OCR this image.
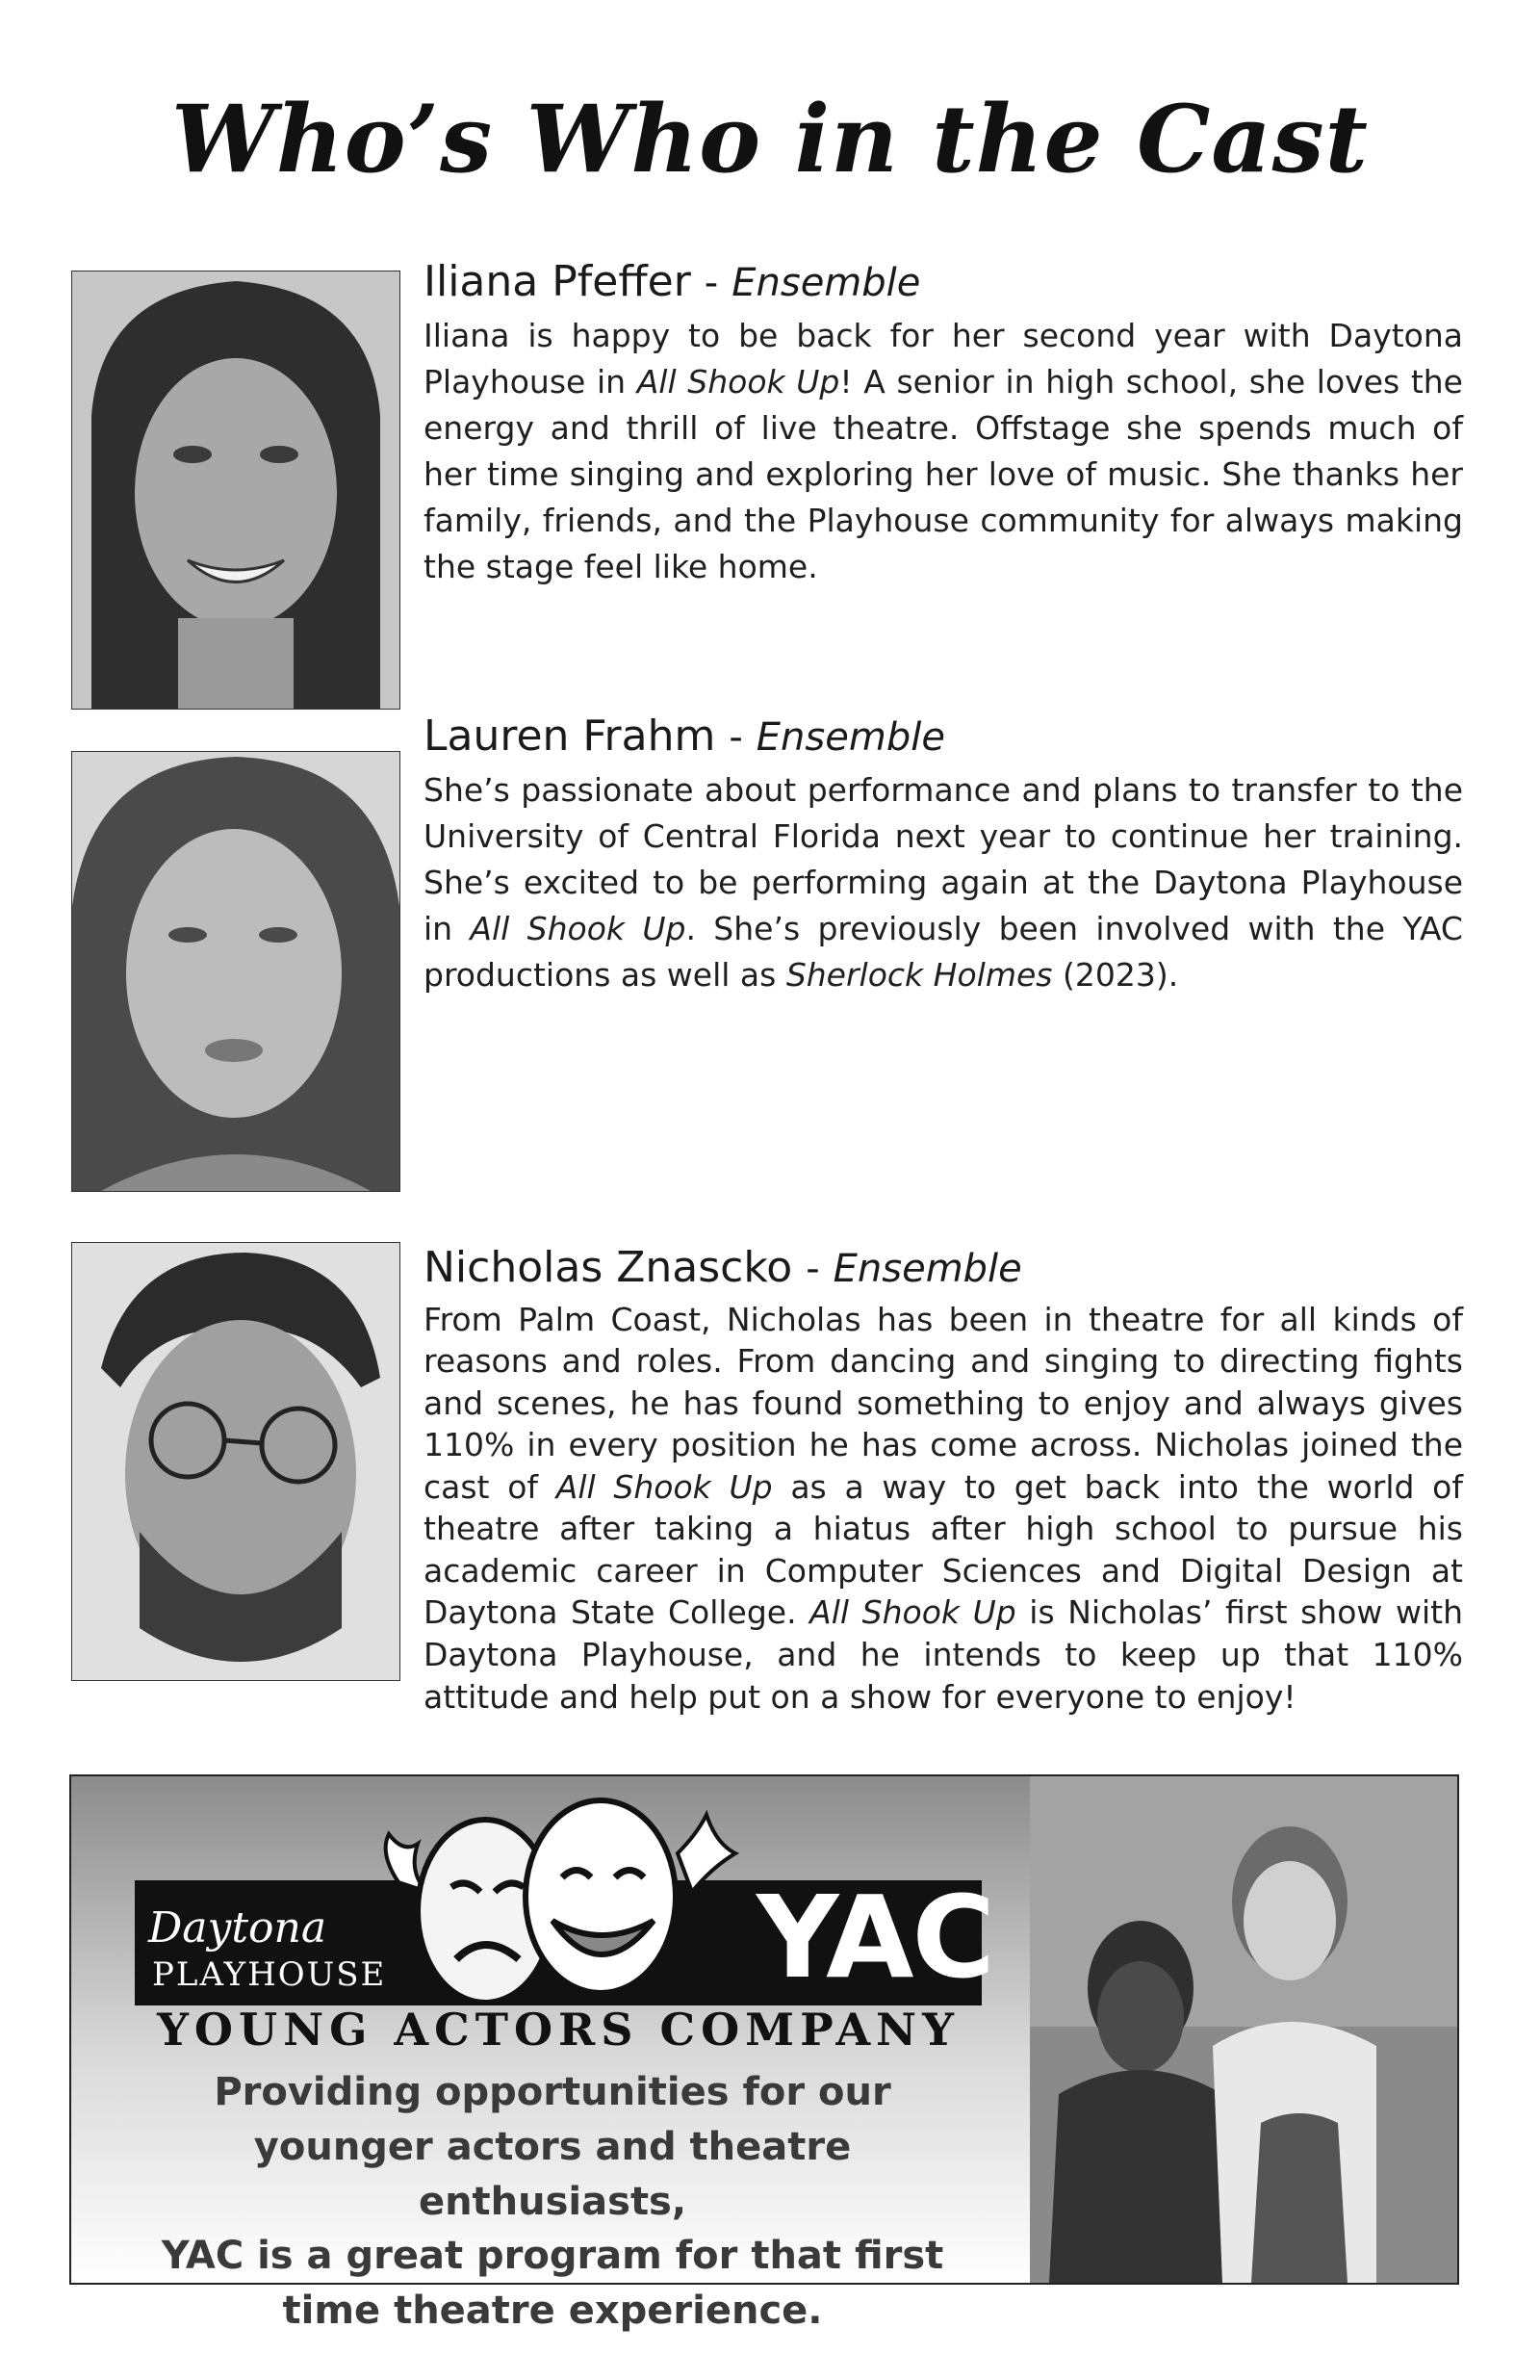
Who’s Who in the Cast
Iliana Pfeffer - Ensemble

Iliana is happy to be back for her second year with Daytona Playhouse in All Shook Up! A senior in high school, she loves the energy and thrill of live theatre. Offstage she spends much of her time singing and exploring her love of music. She thanks her family, friends, and the Playhouse community for always making the stage feel like home.

Lauren Frahm - Ensemble

She’s passionate about performance and plans to transfer to the University of Central Florida next year to continue her training. She’s excited to be performing again at the Daytona Playhouse in All Shook Up. She’s previously been involved with the YAC productions as well as Sherlock Holmes (2023).

Nicholas Znascko - Ensemble

From Palm Coast, Nicholas has been in theatre for all kinds of reasons and roles. From dancing and singing to directing fights and scenes, he has found something to enjoy and always gives 110% in every position he has come across. Nicholas joined the cast of All Shook Up as a way to get back into the world of theatre after taking a hiatus after high school to pursue his academic career in Computer Sciences and Digital Design at Daytona State College. All Shook Up is Nicholas’ first show with Daytona Playhouse, and he intends to keep up that 110% attitude and help put on a show for everyone to enjoy!

Daytona
PLAYHOUSE	YAC
YOUNG ACTORS COMPANY
Providing opportunities for our
younger actors and theatre enthusiasts,
YAC is a great program for that first
time theatre experience.
